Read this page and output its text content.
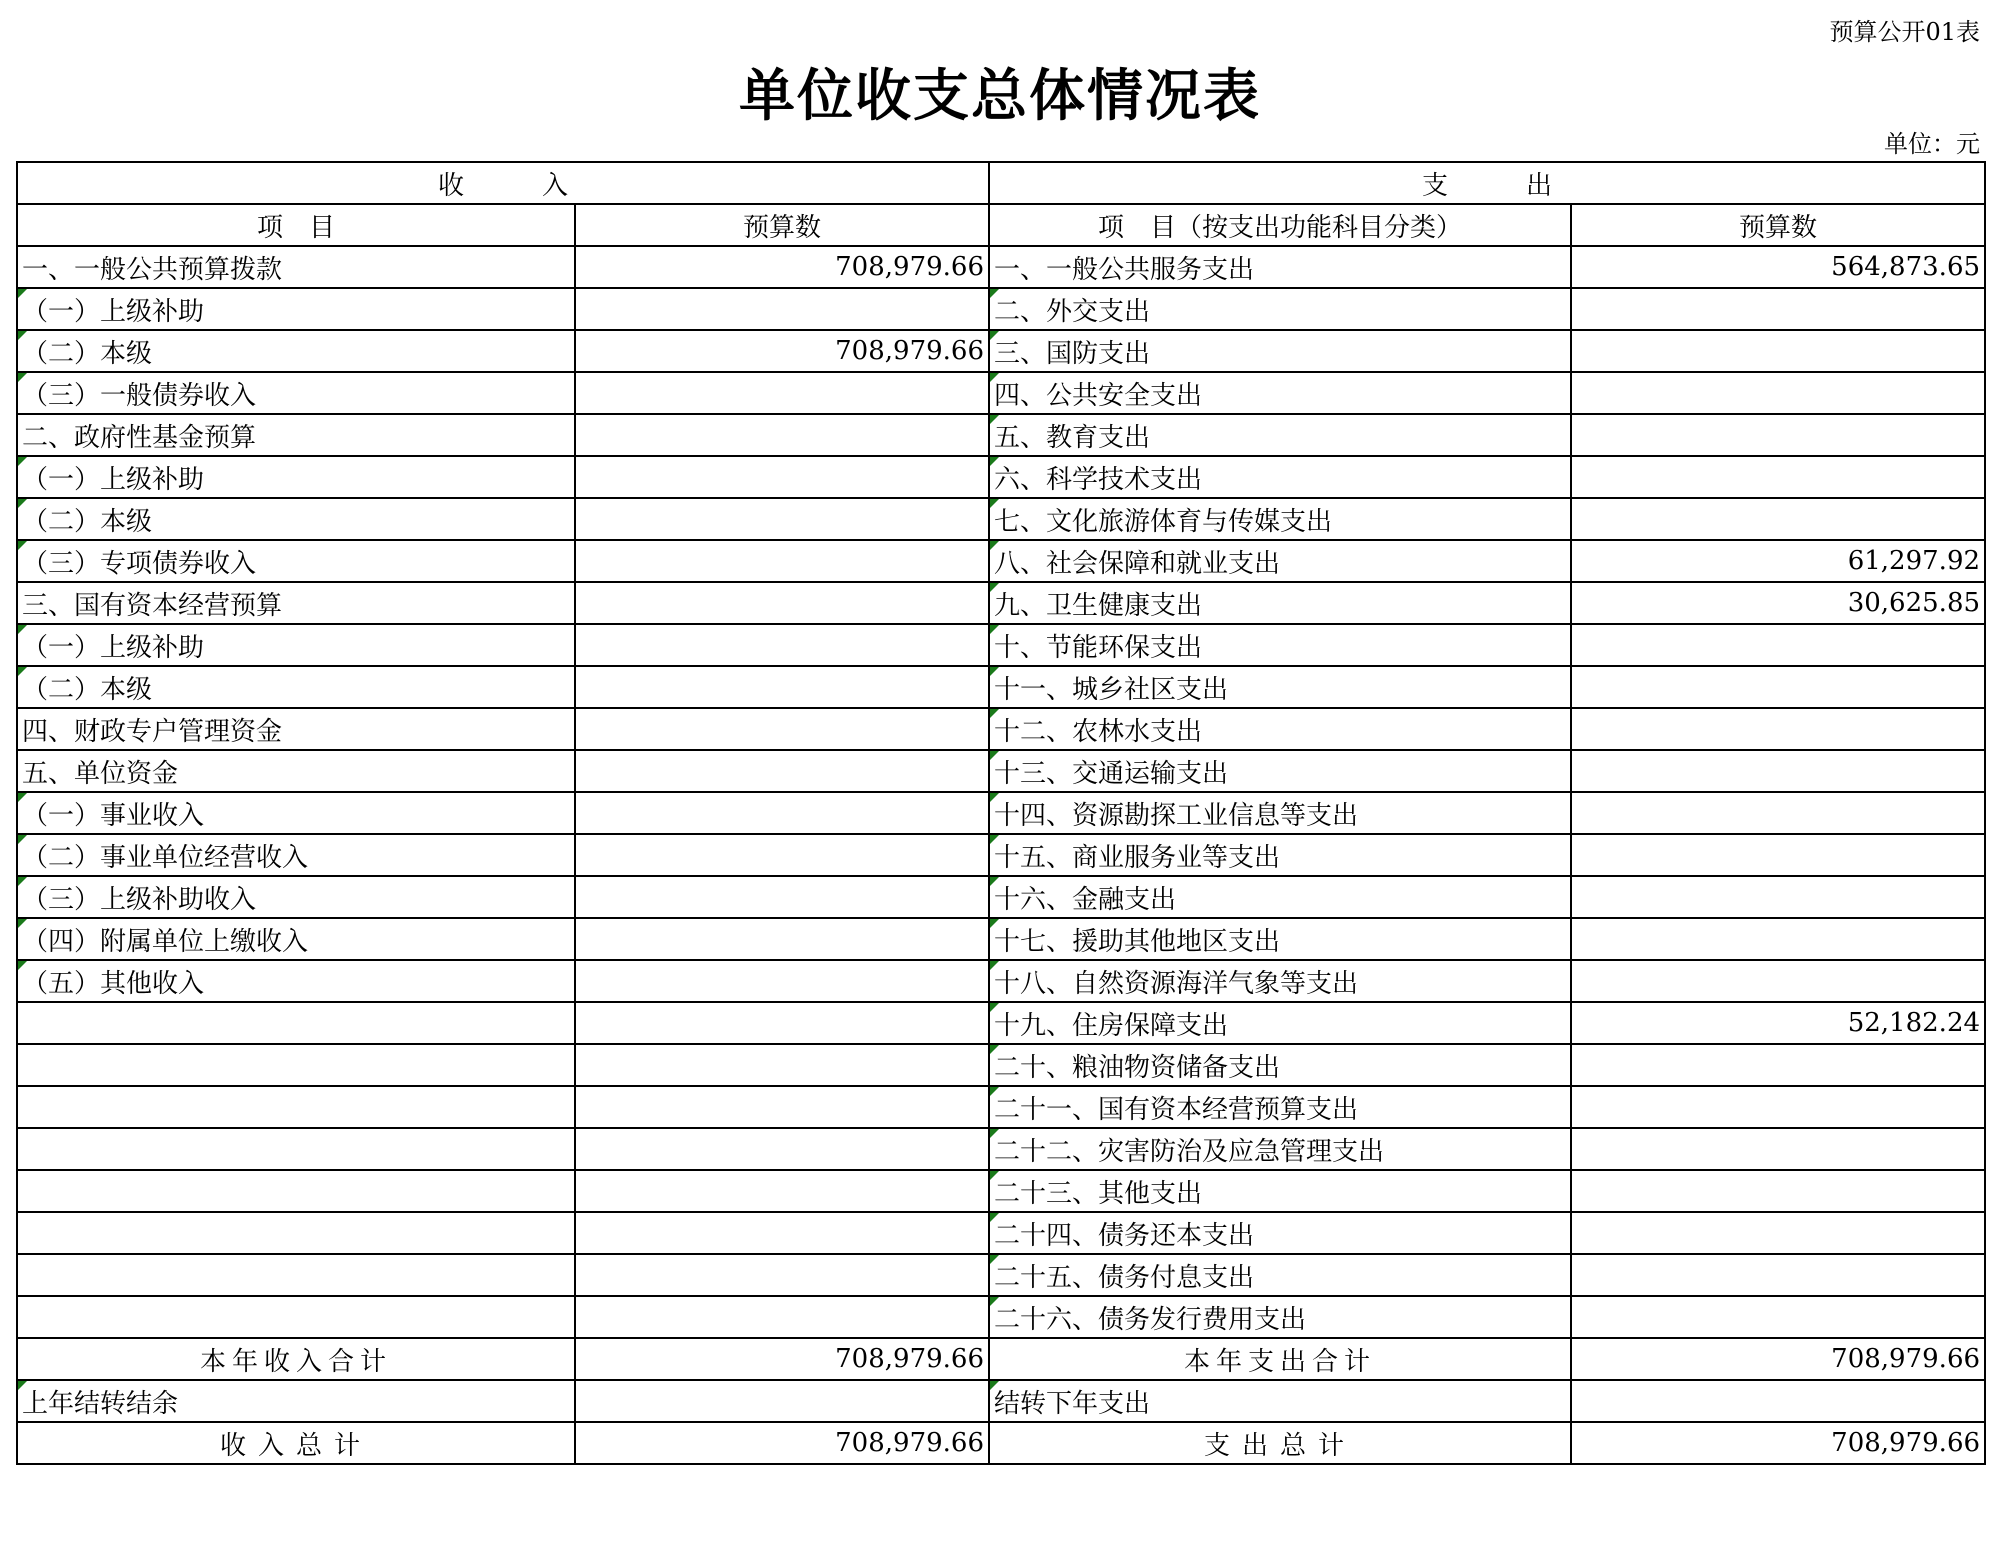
预算公开01表
单位收支总体情况表
单位：元
收　　　入		支　　　出	
项　目	预算数	项　目（按支出功能科目分类）	预算数
一、一般公共预算拨款	708,979.66	一、一般公共服务支出	564,873.65
（一）上级补助		二、外交支出	
（二）本级	708,979.66	三、国防支出	
（三）一般债券收入		四、公共安全支出	
二、政府性基金预算		五、教育支出	
（一）上级补助		六、科学技术支出	
（二）本级		七、文化旅游体育与传媒支出	
（三）专项债券收入		八、社会保障和就业支出	61,297.92
三、国有资本经营预算		九、卫生健康支出	30,625.85
（一）上级补助		十、节能环保支出	
（二）本级		十一、城乡社区支出	
四、财政专户管理资金		十二、农林水支出	
五、单位资金		十三、交通运输支出	
（一）事业收入		十四、资源勘探工业信息等支出	
（二）事业单位经营收入		十五、商业服务业等支出	
（三）上级补助收入		十六、金融支出	
（四）附属单位上缴收入		十七、援助其他地区支出	
（五）其他收入		十八、自然资源海洋气象等支出	
		十九、住房保障支出	52,182.24
		二十、粮油物资储备支出	
		二十一、国有资本经营预算支出	
		二十二、灾害防治及应急管理支出	
		二十三、其他支出	
		二十四、债务还本支出	
		二十五、债务付息支出	
		二十六、债务发行费用支出	
本年收入合计	708,979.66	本年支出合计	708,979.66
上年结转结余		结转下年支出	
收入总计	708,979.66	支出总计	708,979.66
